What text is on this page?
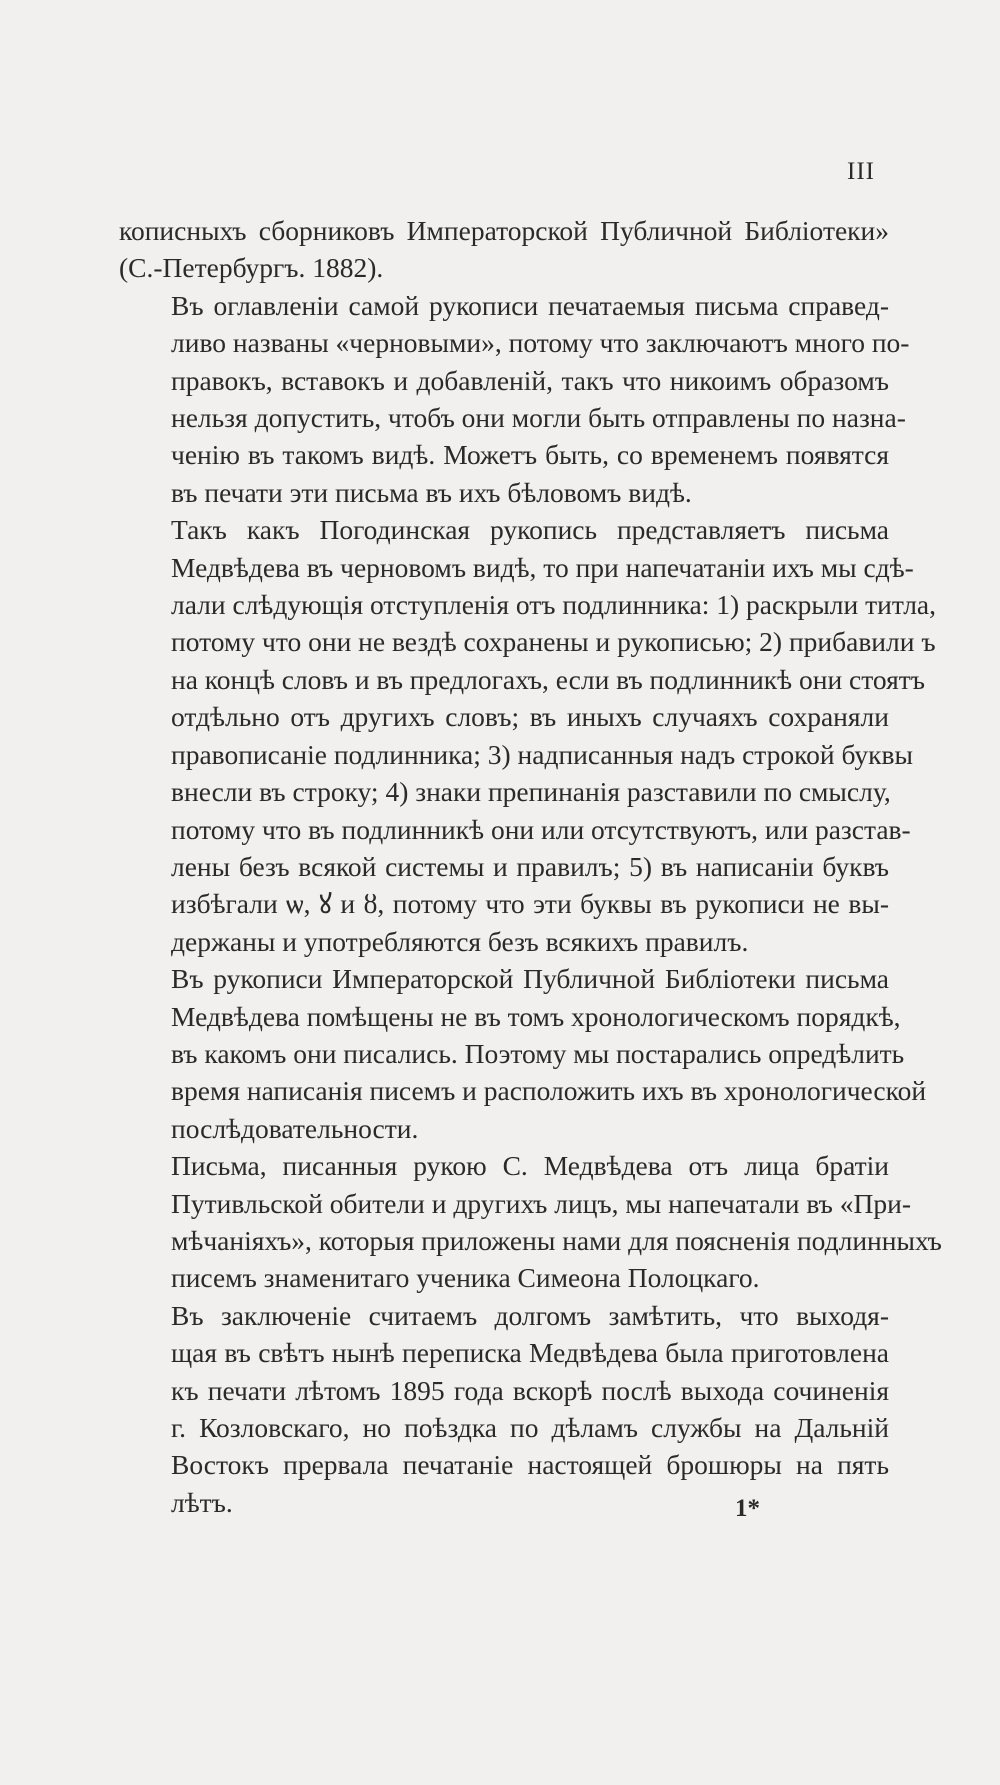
III
кописныхъ сборниковъ Императорской Публичной Библіотеки»
(С.-Петербургъ. 1882).
Въ оглавленіи самой рукописи печатаемыя письма справед-
ливо названы «черновыми», потому что заключаютъ много по-
правокъ, вставокъ и добавленій, такъ что никоимъ образомъ
нельзя допустить, чтобъ они могли быть отправлены по назна-
ченію въ такомъ видѣ. Можетъ быть, со временемъ появятся
въ печати эти письма въ ихъ бѣловомъ видѣ.
Такъ какъ Погодинская рукопись представляетъ письма
Медвѣдева въ черновомъ видѣ, то при напечатаніи ихъ мы сдѣ-
лали слѣдующія отступленія отъ подлинника: 1) раскрыли титла,
потому что они не вездѣ сохранены и рукописью; 2) прибавили ъ
на концѣ словъ и въ предлогахъ, если въ подлинникѣ они стоятъ
отдѣльно отъ другихъ словъ; въ иныхъ случаяхъ сохраняли
правописаніе подлинника; 3) надписанныя надъ строкой буквы
внесли въ строку; 4) знаки препинанія разставили по смыслу,
потому что въ подлинникѣ они или отсутствуютъ, или разстав-
лены безъ всякой системы и правилъ; 5) въ написаніи буквъ
избѣгали ѡ, ꙋ и ȣ, потому что эти буквы въ рукописи не вы-
держаны и употребляются безъ всякихъ правилъ.
Въ рукописи Императорской Публичной Библіотеки письма
Медвѣдева помѣщены не въ томъ хронологическомъ порядкѣ,
въ какомъ они писались. Поэтому мы постарались опредѣлить
время написанія писемъ и расположить ихъ въ хронологической
послѣдовательности.
Письма, писанныя рукою С. Медвѣдева отъ лица братіи
Путивльской обители и другихъ лицъ, мы напечатали въ «При-
мѣчаніяхъ», которыя приложены нами для поясненія подлинныхъ
писемъ знаменитаго ученика Симеона Полоцкаго.
Въ заключеніе считаемъ долгомъ замѣтить, что выходя-
щая въ свѣтъ нынѣ переписка Медвѣдева была приготовлена
къ печати лѣтомъ 1895 года вскорѣ послѣ выхода сочиненія
г. Козловскаго, но поѣздка по дѣламъ службы на Дальній
Востокъ прервала печатаніе настоящей брошюры на пять
лѣтъ.	1*
